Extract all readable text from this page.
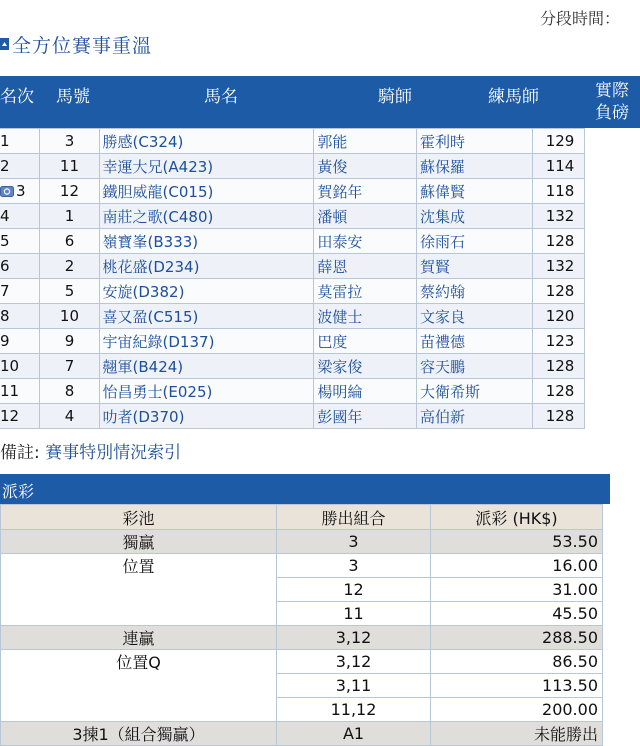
分段時間：
全方位賽事重溫
名次 馬號	馬名	騎師	練馬師	實際
負磅
1	3	勝感(C324)	郭能	霍利時	129	
2	11	幸運大兄(A423)	黃俊	蘇保羅	114	
3	12	鐵胆威龍(C015)	賀銘年	蘇偉賢	118	
4	1	南莊之歌(C480)	潘頓	沈集成	132	
5	6	嶺寶峯(B333)	田泰安	徐雨石	128	
6	2	桃花盛(D234)	薛恩	賀賢	132	
7	5	安旋(D382)	莫雷拉	蔡約翰	128	
8	10	喜又盈(C515)	波健士	文家良	120	
9	9	宇宙紀錄(D137)	巴度	苗禮德	123	
10	7	翹軍(B424)	梁家俊	容天鵬	128	
11	8	怡昌勇士(E025)	楊明綸	大衛希斯	128	
12	4	叻者(D370)	彭國年	高伯新	128	
備註: 賽事特別情況索引
派彩
彩池	勝出組合	派彩 (HK$)
獨贏	3	53.50
位置	3	16.00
	12	31.00
	11	45.50
連贏	3,12	288.50
位置Q	3,12	86.50
	3,11	113.50
	11,12	200.00
3揀1（組合獨贏）	A1	未能勝出
